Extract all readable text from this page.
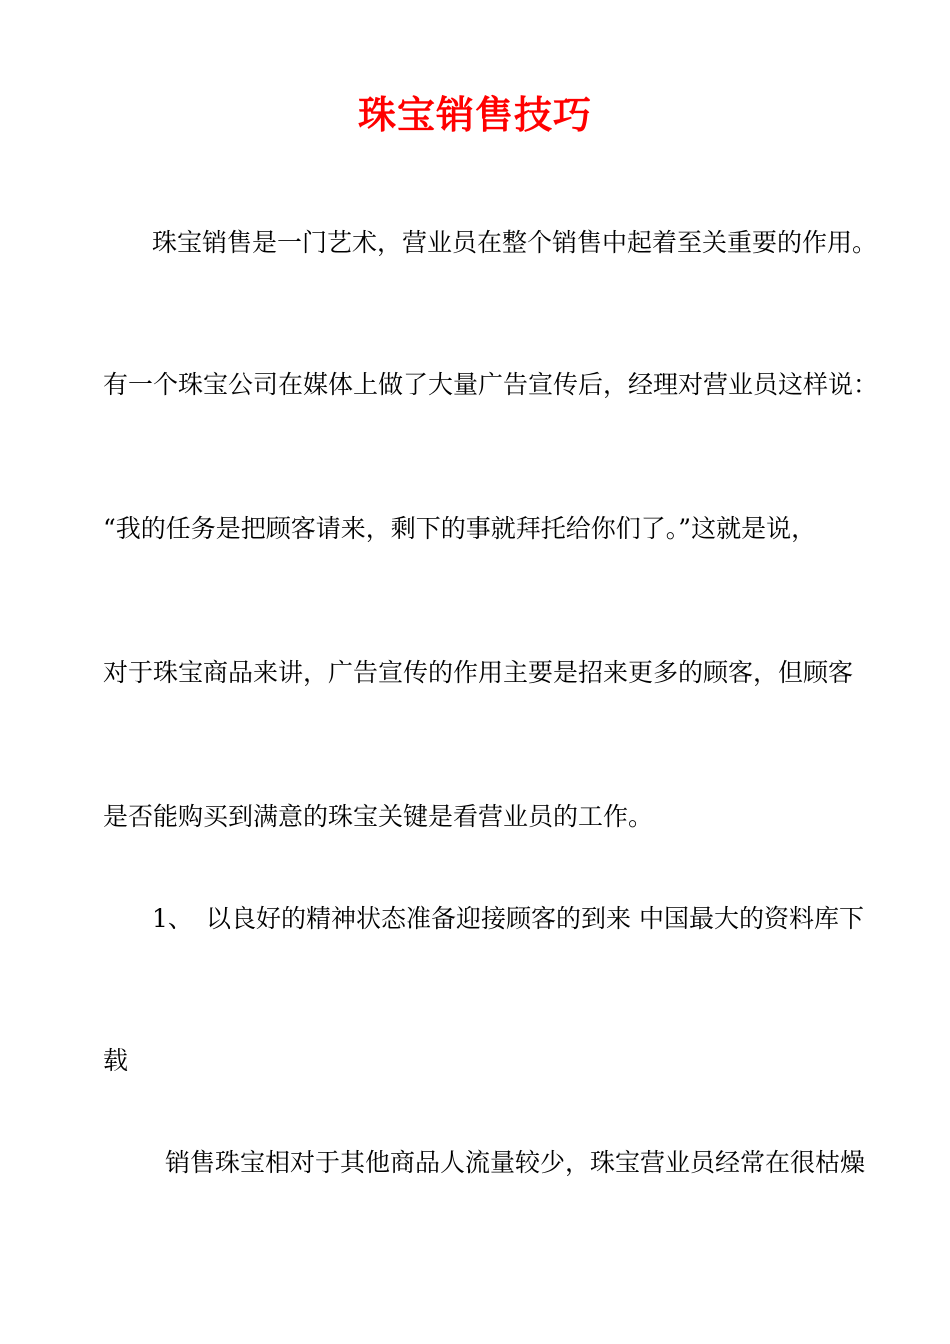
珠宝销售技巧
珠宝销售是一门艺术，营业员在整个销售中起着至关重要的作用。
有一个珠宝公司在媒体上做了大量广告宣传后，经理对营业员这样说：
“我的任务是把顾客请来，剩下的事就拜托给你们了。”这就是说，
对于珠宝商品来讲，广告宣传的作用主要是招来更多的顾客，但顾客
是否能购买到满意的珠宝关键是看营业员的工作。
1、 以良好的精神状态准备迎接顾客的到来 中国最大的资料库下
载
销售珠宝相对于其他商品人流量较少，珠宝营业员经常在很枯燥
